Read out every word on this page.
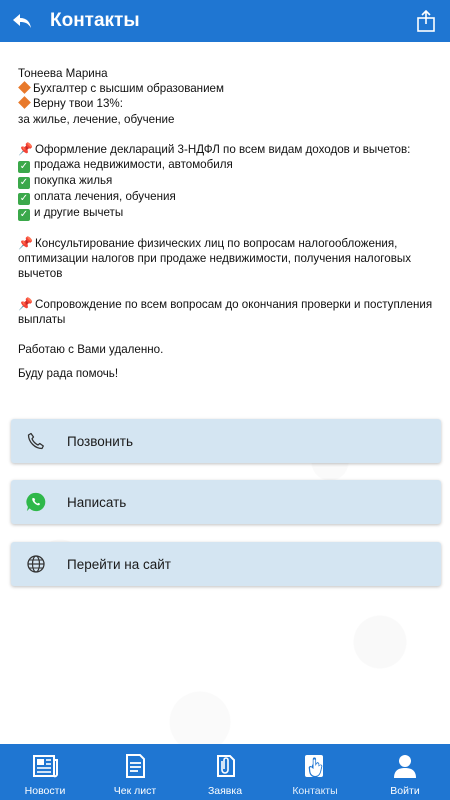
Контакты
Тонеева Марина
Бухгалтер с высшим образованием
Верну твои 13%:
за жилье, лечение, обучение
📌 Оформление деклараций 3-НДФЛ по всем видам доходов и вычетов:
✓ продажа недвижимости, автомобиля
✓ покупка жилья
✓ оплата лечения, обучения
✓ и другие вычеты
📌 Консультирование физических лиц по вопросам налогообложения,
оптимизации налогов при продаже недвижимости, получения налоговых
вычетов
📌 Сопровождение по всем вопросам до окончания проверки и поступления
выплаты
Работаю с Вами удаленно.
Буду рада помочь!
Позвонить
Написать
Перейти на сайт
Новости	Чек лист	Заявка	Контакты	Войти
